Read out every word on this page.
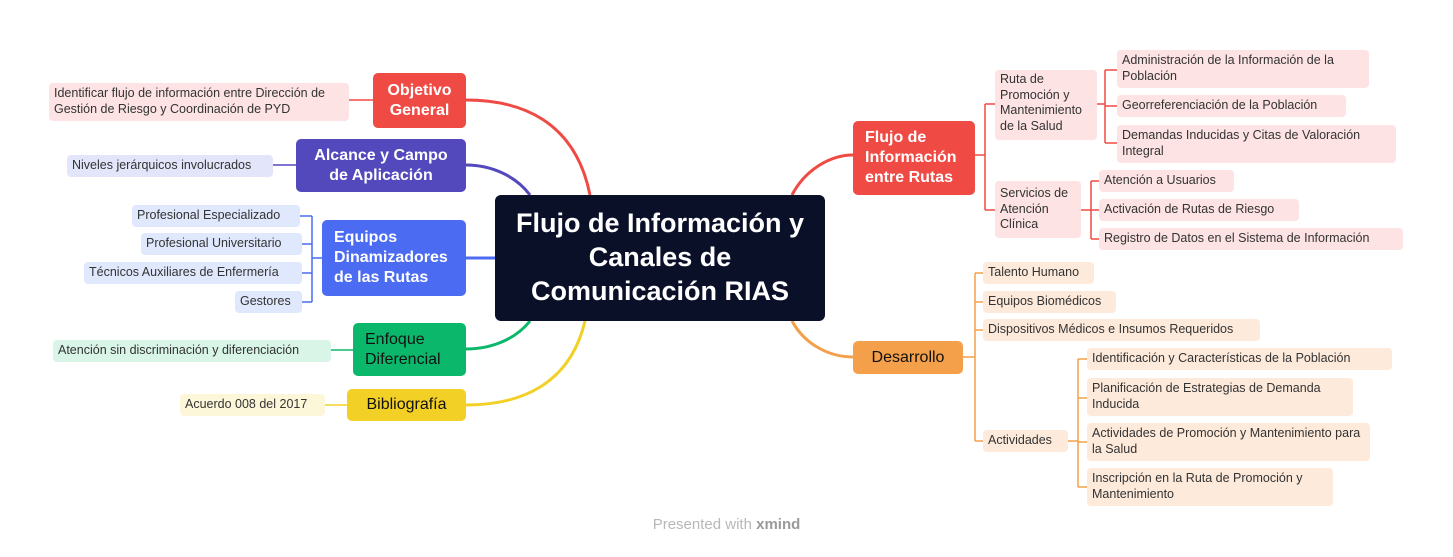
Flujo de Información y Canales de Comunicación RIAS
Objetivo General
Identificar flujo de información entre Dirección de Gestión de Riesgo y Coordinación de PYD
Alcance y Campo de Aplicación
Niveles jerárquicos involucrados
Equipos Dinamizadores de las Rutas
Profesional Especializado
Profesional Universitario
Técnicos Auxiliares de Enfermería
Gestores
Enfoque Diferencial
Atención sin discriminación y diferenciación
Bibliografía
Acuerdo 008 del 2017
Flujo de Información entre Rutas
Ruta de Promoción y Mantenimiento de la Salud
Administración de la Información de la Población
Georreferenciación de la Población
Demandas Inducidas y Citas de Valoración Integral
Servicios de Atención Clínica
Atención a Usuarios
Activación de Rutas de Riesgo
Registro de Datos en el Sistema de Información
Desarrollo
Talento Humano
Equipos Biomédicos
Dispositivos Médicos e Insumos Requeridos
Actividades
Identificación y Características de la Población
Planificación de Estrategias de Demanda Inducida
Actividades de Promoción y Mantenimiento para la Salud
Inscripción en la Ruta de Promoción y Mantenimiento
Presented with xmind
